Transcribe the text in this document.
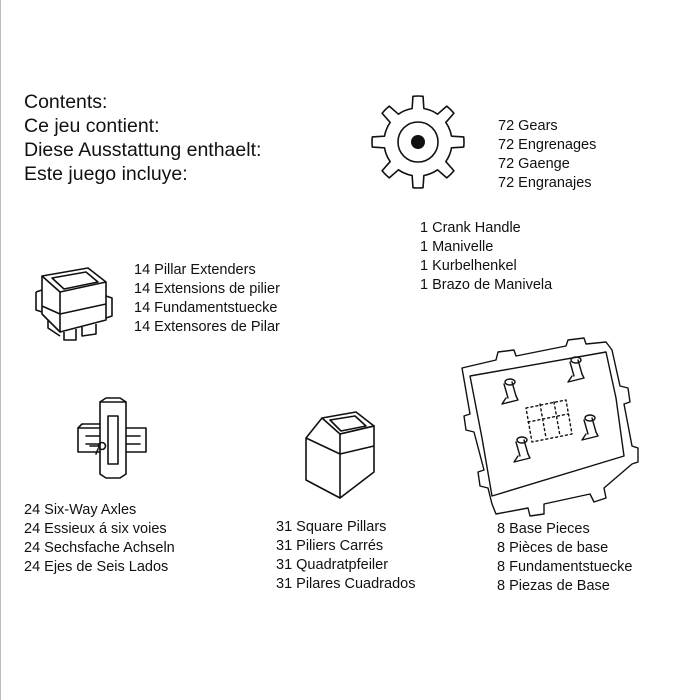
Contents:
Ce jeu contient:
Diese Ausstattung enthaelt:
Este juego incluye:
72 Gears
72 Engrenages
72 Gaenge
72 Engranajes
1 Crank Handle
1 Manivelle
1 Kurbelhenkel
1 Brazo de Manivela
14 Pillar Extenders
14 Extensions de pilier
14 Fundamentstuecke
14 Extensores de Pilar
24 Six-Way Axles
24 Essieux á six voies
24 Sechsfache Achseln
24 Ejes de Seis Lados
31 Square Pillars
31 Piliers Carrés
31 Quadratpfeiler
31 Pilares Cuadrados
8 Base Pieces
8 Pièces de base
8 Fundamentstuecke
8 Piezas de Base
